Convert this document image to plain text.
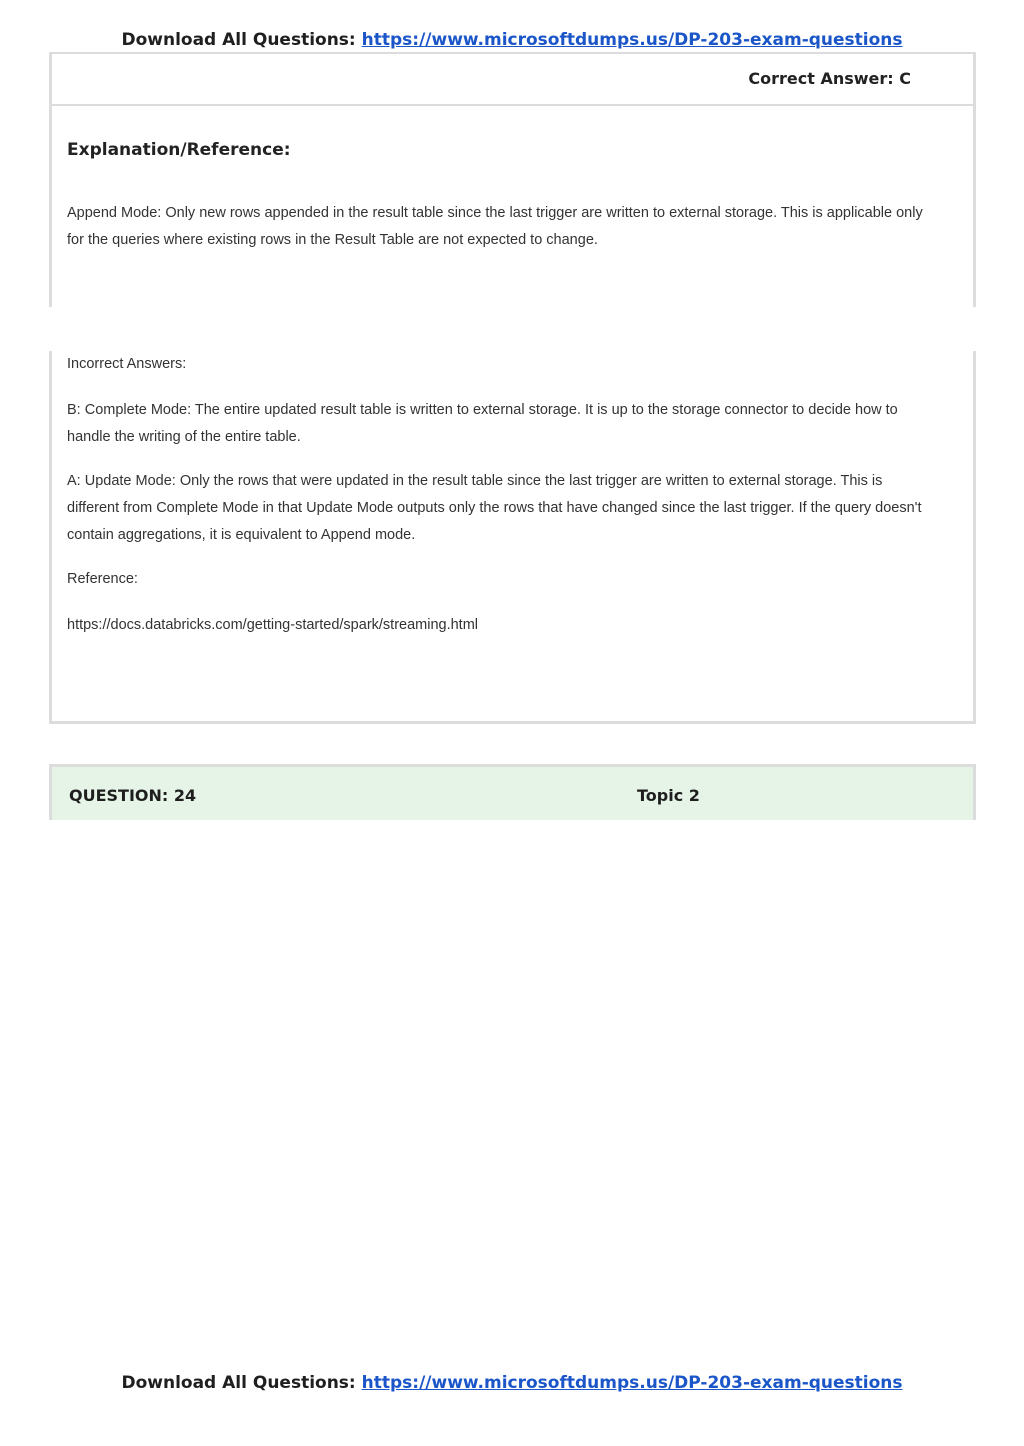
Download All Questions: https://www.microsoftdumps.us/DP-203-exam-questions
Correct Answer: C
Explanation/Reference:

Append Mode: Only new rows appended in the result table since the last trigger are written to external storage. This is applicable only for the queries where existing rows in the Result Table are not expected to change.

Incorrect Answers:

B: Complete Mode: The entire updated result table is written to external storage. It is up to the storage connector to decide how to handle the writing of the entire table.

A: Update Mode: Only the rows that were updated in the result table since the last trigger are written to external storage. This is different from Complete Mode in that Update Mode outputs only the rows that have changed since the last trigger. If the query doesn't contain aggregations, it is equivalent to Append mode.

Reference:

https://docs.databricks.com/getting-started/spark/streaming.html

QUESTION: 24	Topic 2
Download All Questions: https://www.microsoftdumps.us/DP-203-exam-questions
